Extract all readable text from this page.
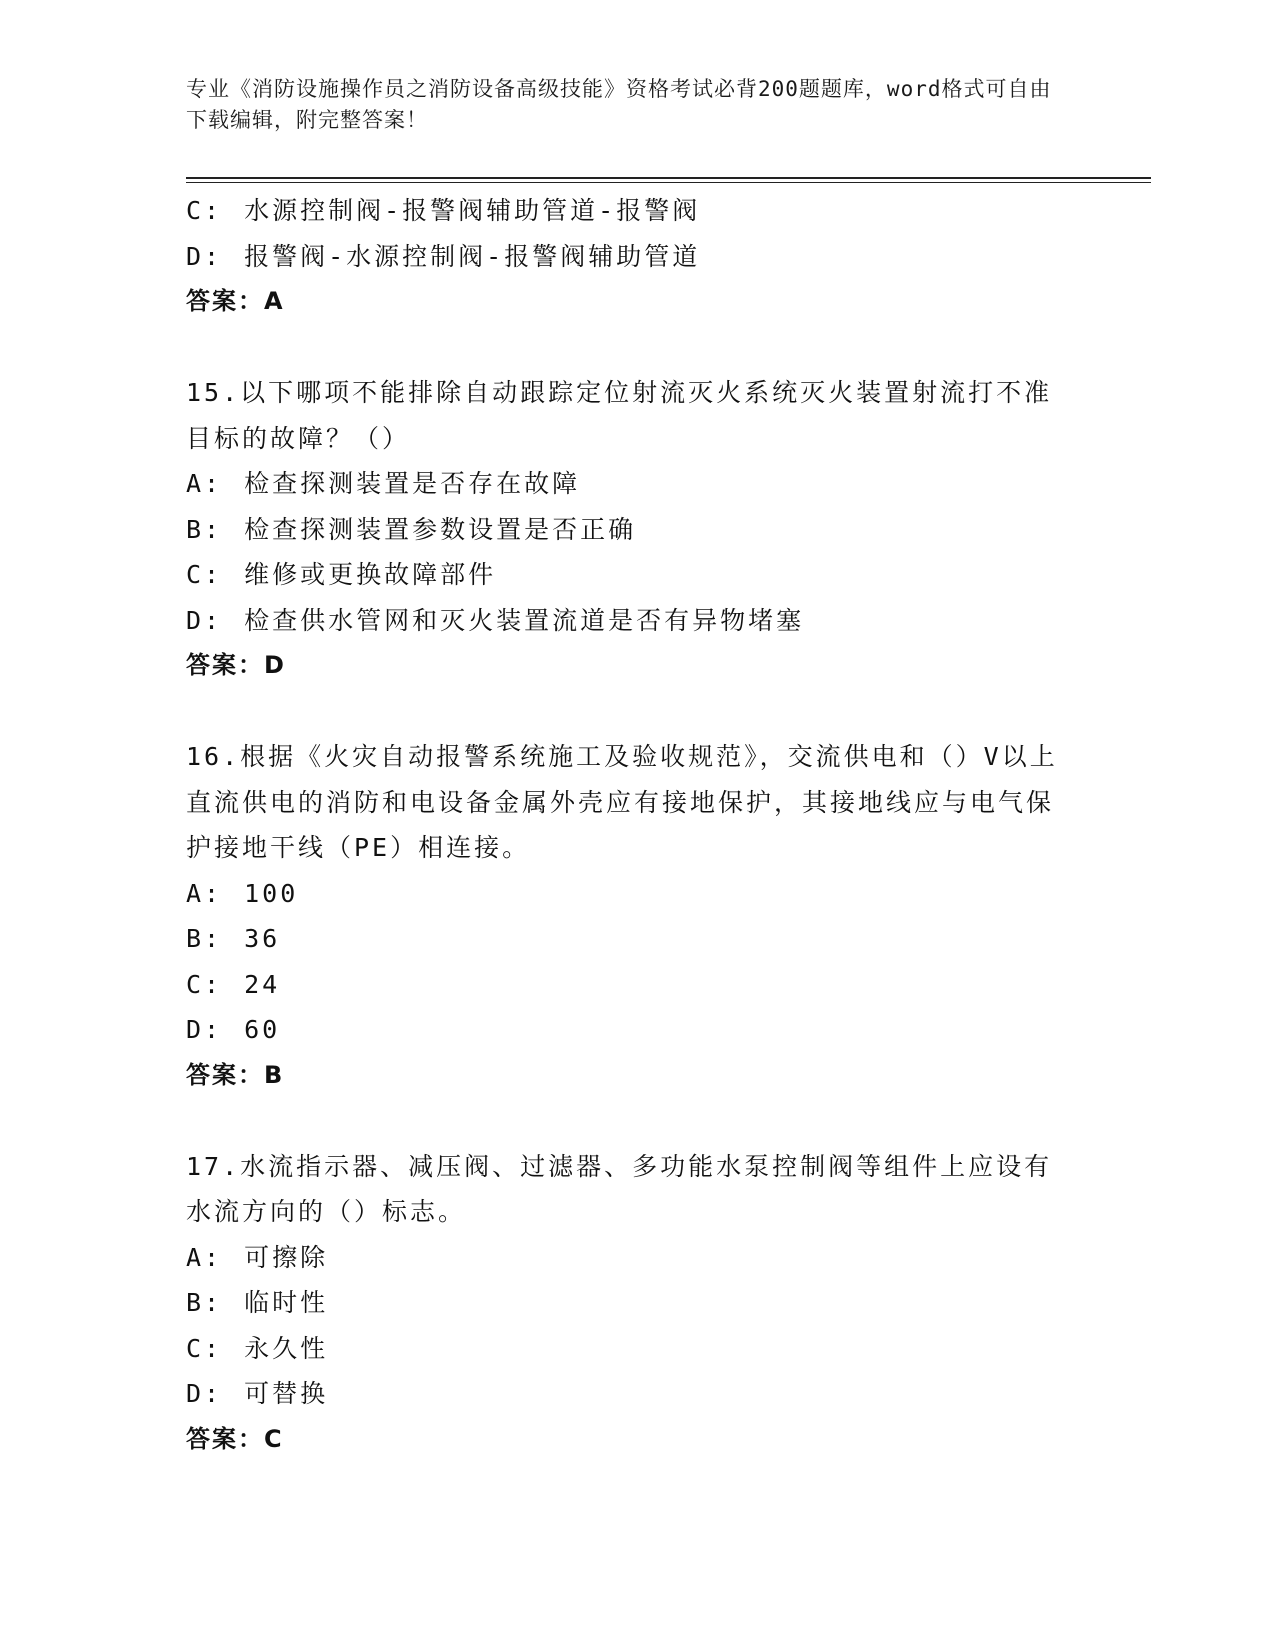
专业《消防设施操作员之消防设备高级技能》资格考试必背200题题库，word格式可自由下载编辑，附完整答案！
C: 水源控制阀-报警阀辅助管道-报警阀
D: 报警阀-水源控制阀-报警阀辅助管道
答案：A
15.以下哪项不能排除自动跟踪定位射流灭火系统灭火装置射流打不准目标的故障？（）
A: 检查探测装置是否存在故障
B: 检查探测装置参数设置是否正确
C: 维修或更换故障部件
D: 检查供水管网和灭火装置流道是否有异物堵塞
答案：D
16.根据《火灾自动报警系统施工及验收规范》，交流供电和（）V以上直流供电的消防和电设备金属外壳应有接地保护，其接地线应与电气保护接地干线（PE）相连接。
A: 100
B: 36
C: 24
D: 60
答案：B
17.水流指示器、减压阀、过滤器、多功能水泵控制阀等组件上应设有水流方向的（）标志。
A: 可擦除
B: 临时性
C: 永久性
D: 可替换
答案：C
